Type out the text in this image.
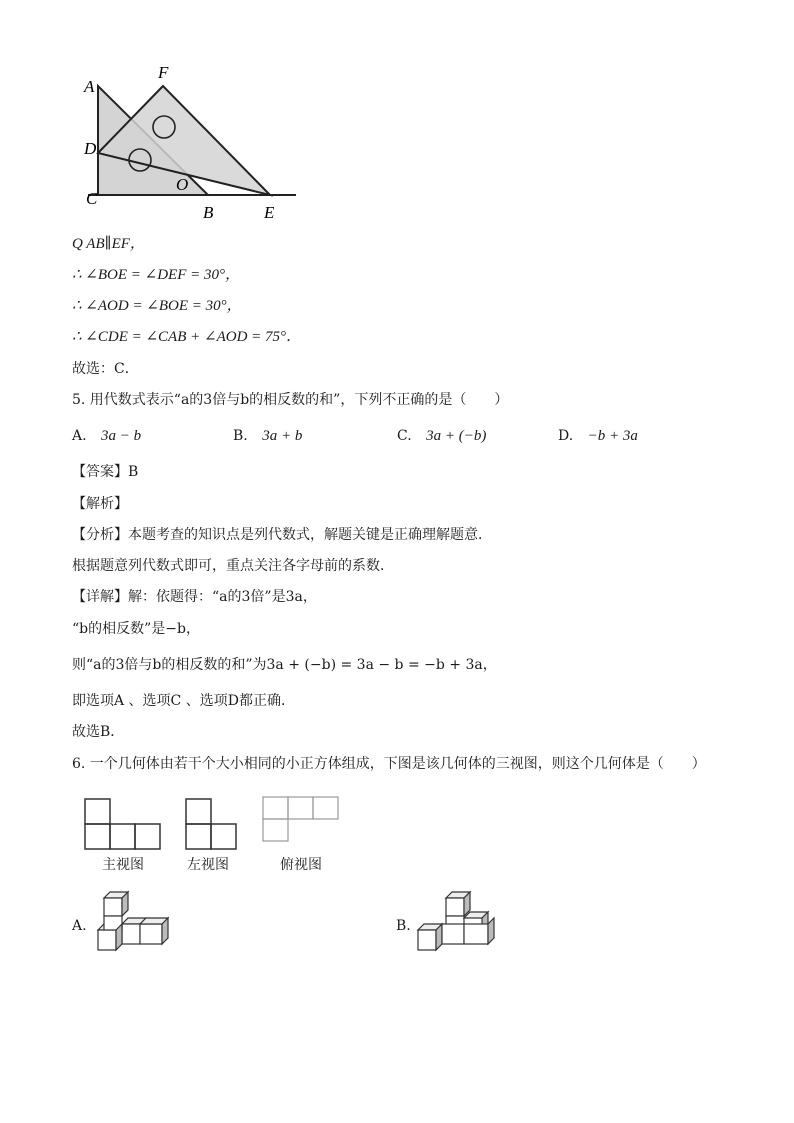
A
F
D
O
C
B	E
Q AB∥EF，
∴ ∠BOE = ∠DEF = 30°，
∴ ∠AOD = ∠BOE = 30°，
∴ ∠CDE = ∠CAB + ∠AOD = 75°．
故选：C．
5. 用代数式表示“a的3倍与b的相反数的和”，下列不正确的是（　　）
A. 3a − b	B. 3a + b	C. 3a + (−b)	D. −b + 3a
【答案】B
【解析】
【分析】本题考查的知识点是列代数式，解题关键是正确理解题意．
根据题意列代数式即可，重点关注各字母前的系数．
【详解】解：依题得：“a的3倍”是3a，
“b的相反数”是−b，
则“a的3倍与b的相反数的和”为3a + (−b) = 3a − b = −b + 3a，
即选项A 、选项C 、选项D都正确．
故选B．
6. 一个几何体由若干个大小相同的小正方体组成，下图是该几何体的三视图，则这个几何体是（　　）
主视图	左视图	俯视图
A.	B.
